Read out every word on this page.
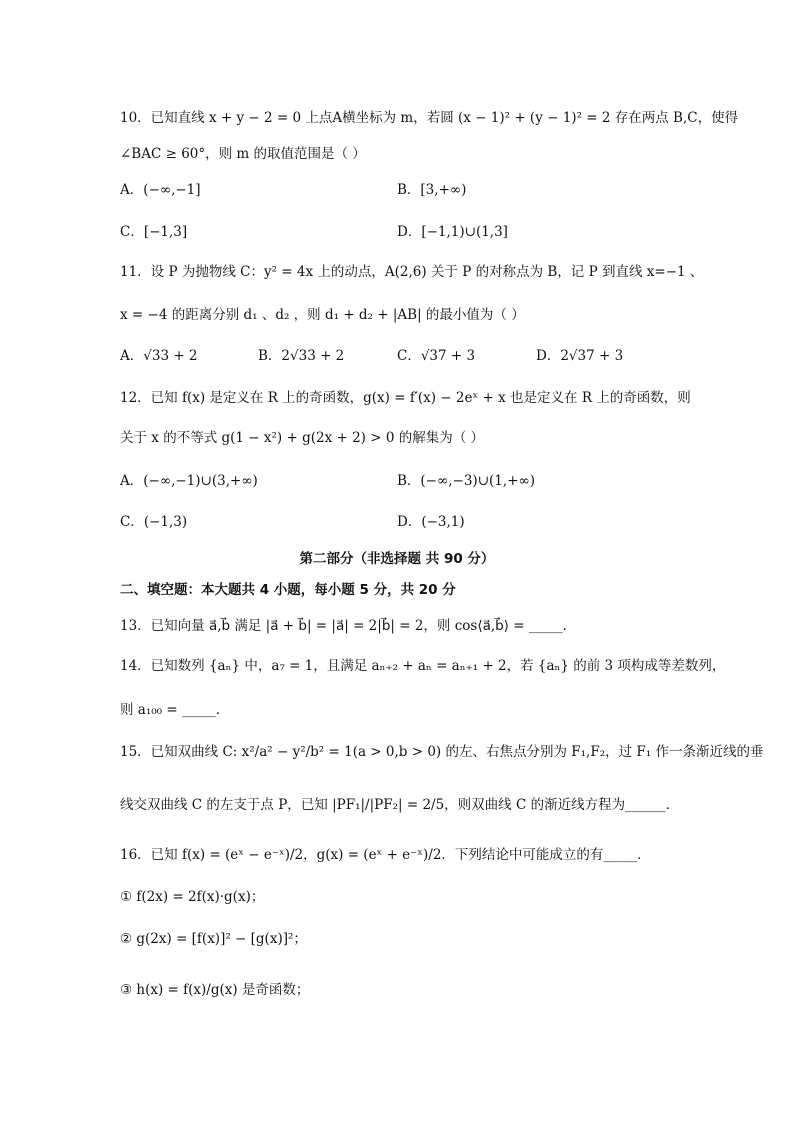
10．已知直线 x + y − 2 = 0 上点A横坐标为 m，若圆 (x − 1)² + (y − 1)² = 2 存在两点 B,C，使得
∠BAC ≥ 60°，则 m 的取值范围是（ ）
A．(−∞,−1]	B．[3,+∞)
C．[−1,3]	D．[−1,1)∪(1,3]
11．设 P 为抛物线 C：y² = 4x 上的动点，A(2,6) 关于 P 的对称点为 B，记 P 到直线 x=−1 、
x = −4 的距离分别 d₁ 、d₂ ，则 d₁ + d₂ + |AB| 的最小值为（ ）
A．√33 + 2	B．2√33 + 2	C．√37 + 3	D．2√37 + 3
12．已知 f(x) 是定义在 R 上的奇函数，g(x) = f′(x) − 2eˣ + x 也是定义在 R 上的奇函数，则
关于 x 的不等式 g(1 − x²) + g(2x + 2) > 0 的解集为（ ）
A．(−∞,−1)∪(3,+∞)	B．(−∞,−3)∪(1,+∞)
C．(−1,3)	D．(−3,1)
第二部分（非选择题 共 90 分）
二、填空题：本大题共 4 小题，每小题 5 分，共 20 分
13．已知向量 a⃗,b⃗ 满足 |a⃗ + b⃗| = |a⃗| = 2|b⃗| = 2，则 cos⟨a⃗,b⃗⟩ = _____．
14．已知数列 {aₙ} 中，a₇ = 1，且满足 aₙ₊₂ + aₙ = aₙ₊₁ + 2，若 {aₙ} 的前 3 项构成等差数列，
则 a₁₀₀ = _____．
15．已知双曲线 C: x²/a² − y²/b² = 1(a > 0,b > 0) 的左、右焦点分别为 F₁,F₂，过 F₁ 作一条渐近线的垂
线交双曲线 C 的左支于点 P，已知 |PF₁|/|PF₂| = 2/5，则双曲线 C 的渐近线方程为______．
16．已知 f(x) = (eˣ − e⁻ˣ)/2，g(x) = (eˣ + e⁻ˣ)/2．下列结论中可能成立的有_____．
① f(2x) = 2f(x)·g(x)；
② g(2x) = [f(x)]² − [g(x)]²；
③ h(x) = f(x)/g(x) 是奇函数；
